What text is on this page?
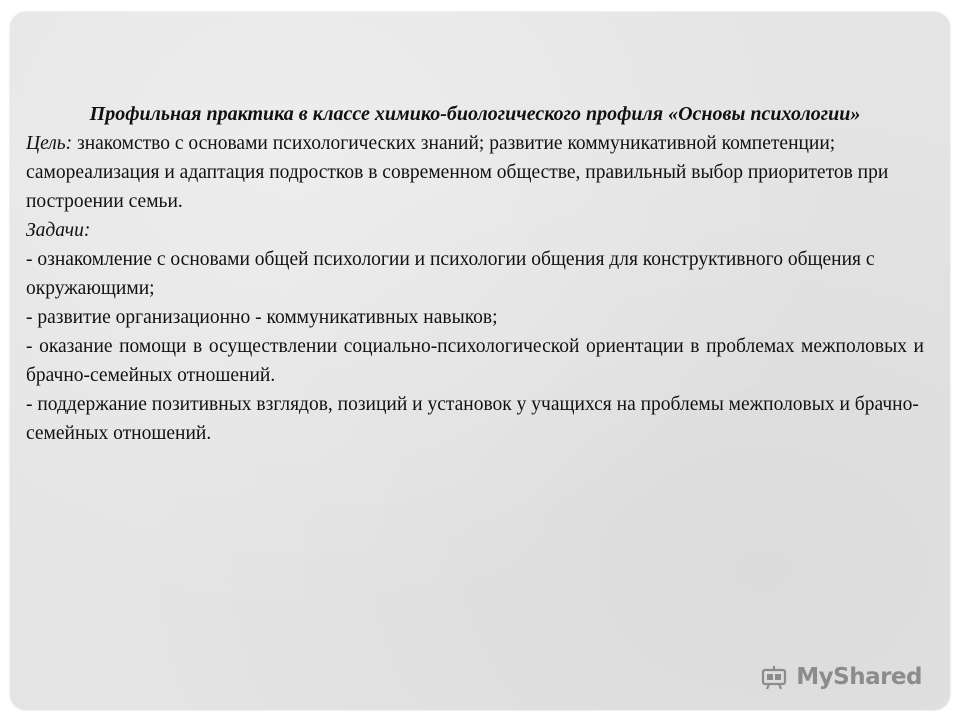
Профильная практика в классе химико-биологического профиля «Основы психологии»

Цель: знакомство с основами психологических знаний; развитие коммуникативной компетенции; самореализация и адаптация подростков в современном обществе, правильный выбор приоритетов при построении семьи.

Задачи:

- ознакомление с основами общей психологии и психологии общения для конструктивного общения с окружающими;

- развитие организационно - коммуникативных навыков;

- оказание помощи в осуществлении социально-психологической ориентации в проблемах межполовых и брачно-семейных отношений.

- поддержание позитивных взглядов, позиций и установок у учащихся на проблемы межполовых и брачно-семейных отношений.

MyShared
